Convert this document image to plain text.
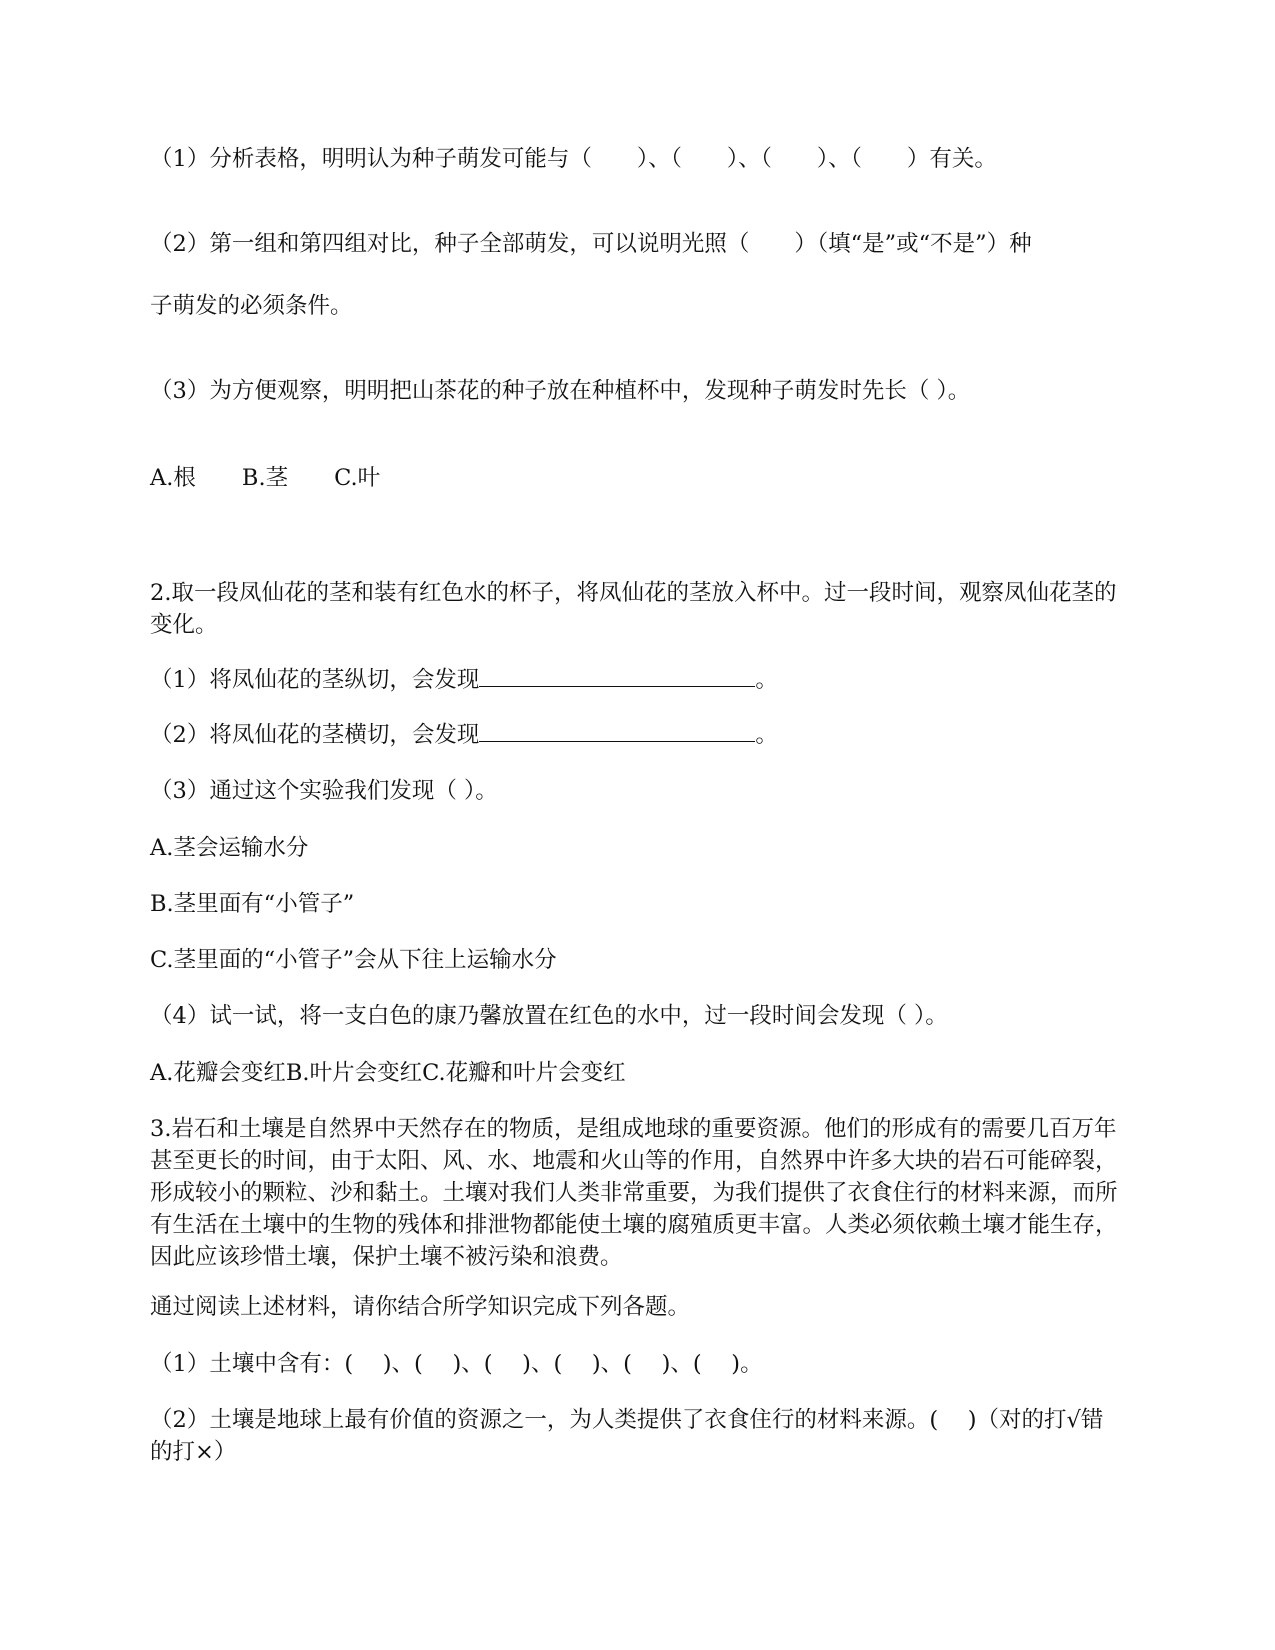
（1）分析表格，明明认为种子萌发可能与（　　）、（　　）、（　　）、（　　）有关。
（2）第一组和第四组对比，种子全部萌发，可以说明光照（　　）（填“是”或“不是”）种
子萌发的必须条件。
（3）为方便观察，明明把山茶花的种子放在种植杯中，发现种子萌发时先长（ ）。
A.根 B.茎 C.叶
2.取一段凤仙花的茎和装有红色水的杯子，将凤仙花的茎放入杯中。过一段时间，观察凤仙花茎的变化。
（1）将凤仙花的茎纵切，会发现	。
（2）将凤仙花的茎横切，会发现	。
（3）通过这个实验我们发现（ ）。
A.茎会运输水分
B.茎里面有“小管子”
C.茎里面的“小管子”会从下往上运输水分
（4）试一试，将一支白色的康乃馨放置在红色的水中，过一段时间会发现（ ）。
A.花瓣会变红B.叶片会变红C.花瓣和叶片会变红
3.岩石和土壤是自然界中天然存在的物质，是组成地球的重要资源。他们的形成有的需要几百万年甚至更长的时间，由于太阳、风、水、地震和火山等的作用，自然界中许多大块的岩石可能碎裂，形成较小的颗粒、沙和黏土。土壤对我们人类非常重要，为我们提供了衣食住行的材料来源，而所有生活在土壤中的生物的残体和排泄物都能使土壤的腐殖质更丰富。人类必须依赖土壤才能生存，因此应该珍惜土壤，保护土壤不被污染和浪费。
通过阅读上述材料，请你结合所学知识完成下列各题。
（1）土壤中含有：(　 )、(　 )、(　 )、(　 )、(　 )、(　 )。
（2）土壤是地球上最有价值的资源之一，为人类提供了衣食住行的材料来源。(　 )（对的打√错的打×）
